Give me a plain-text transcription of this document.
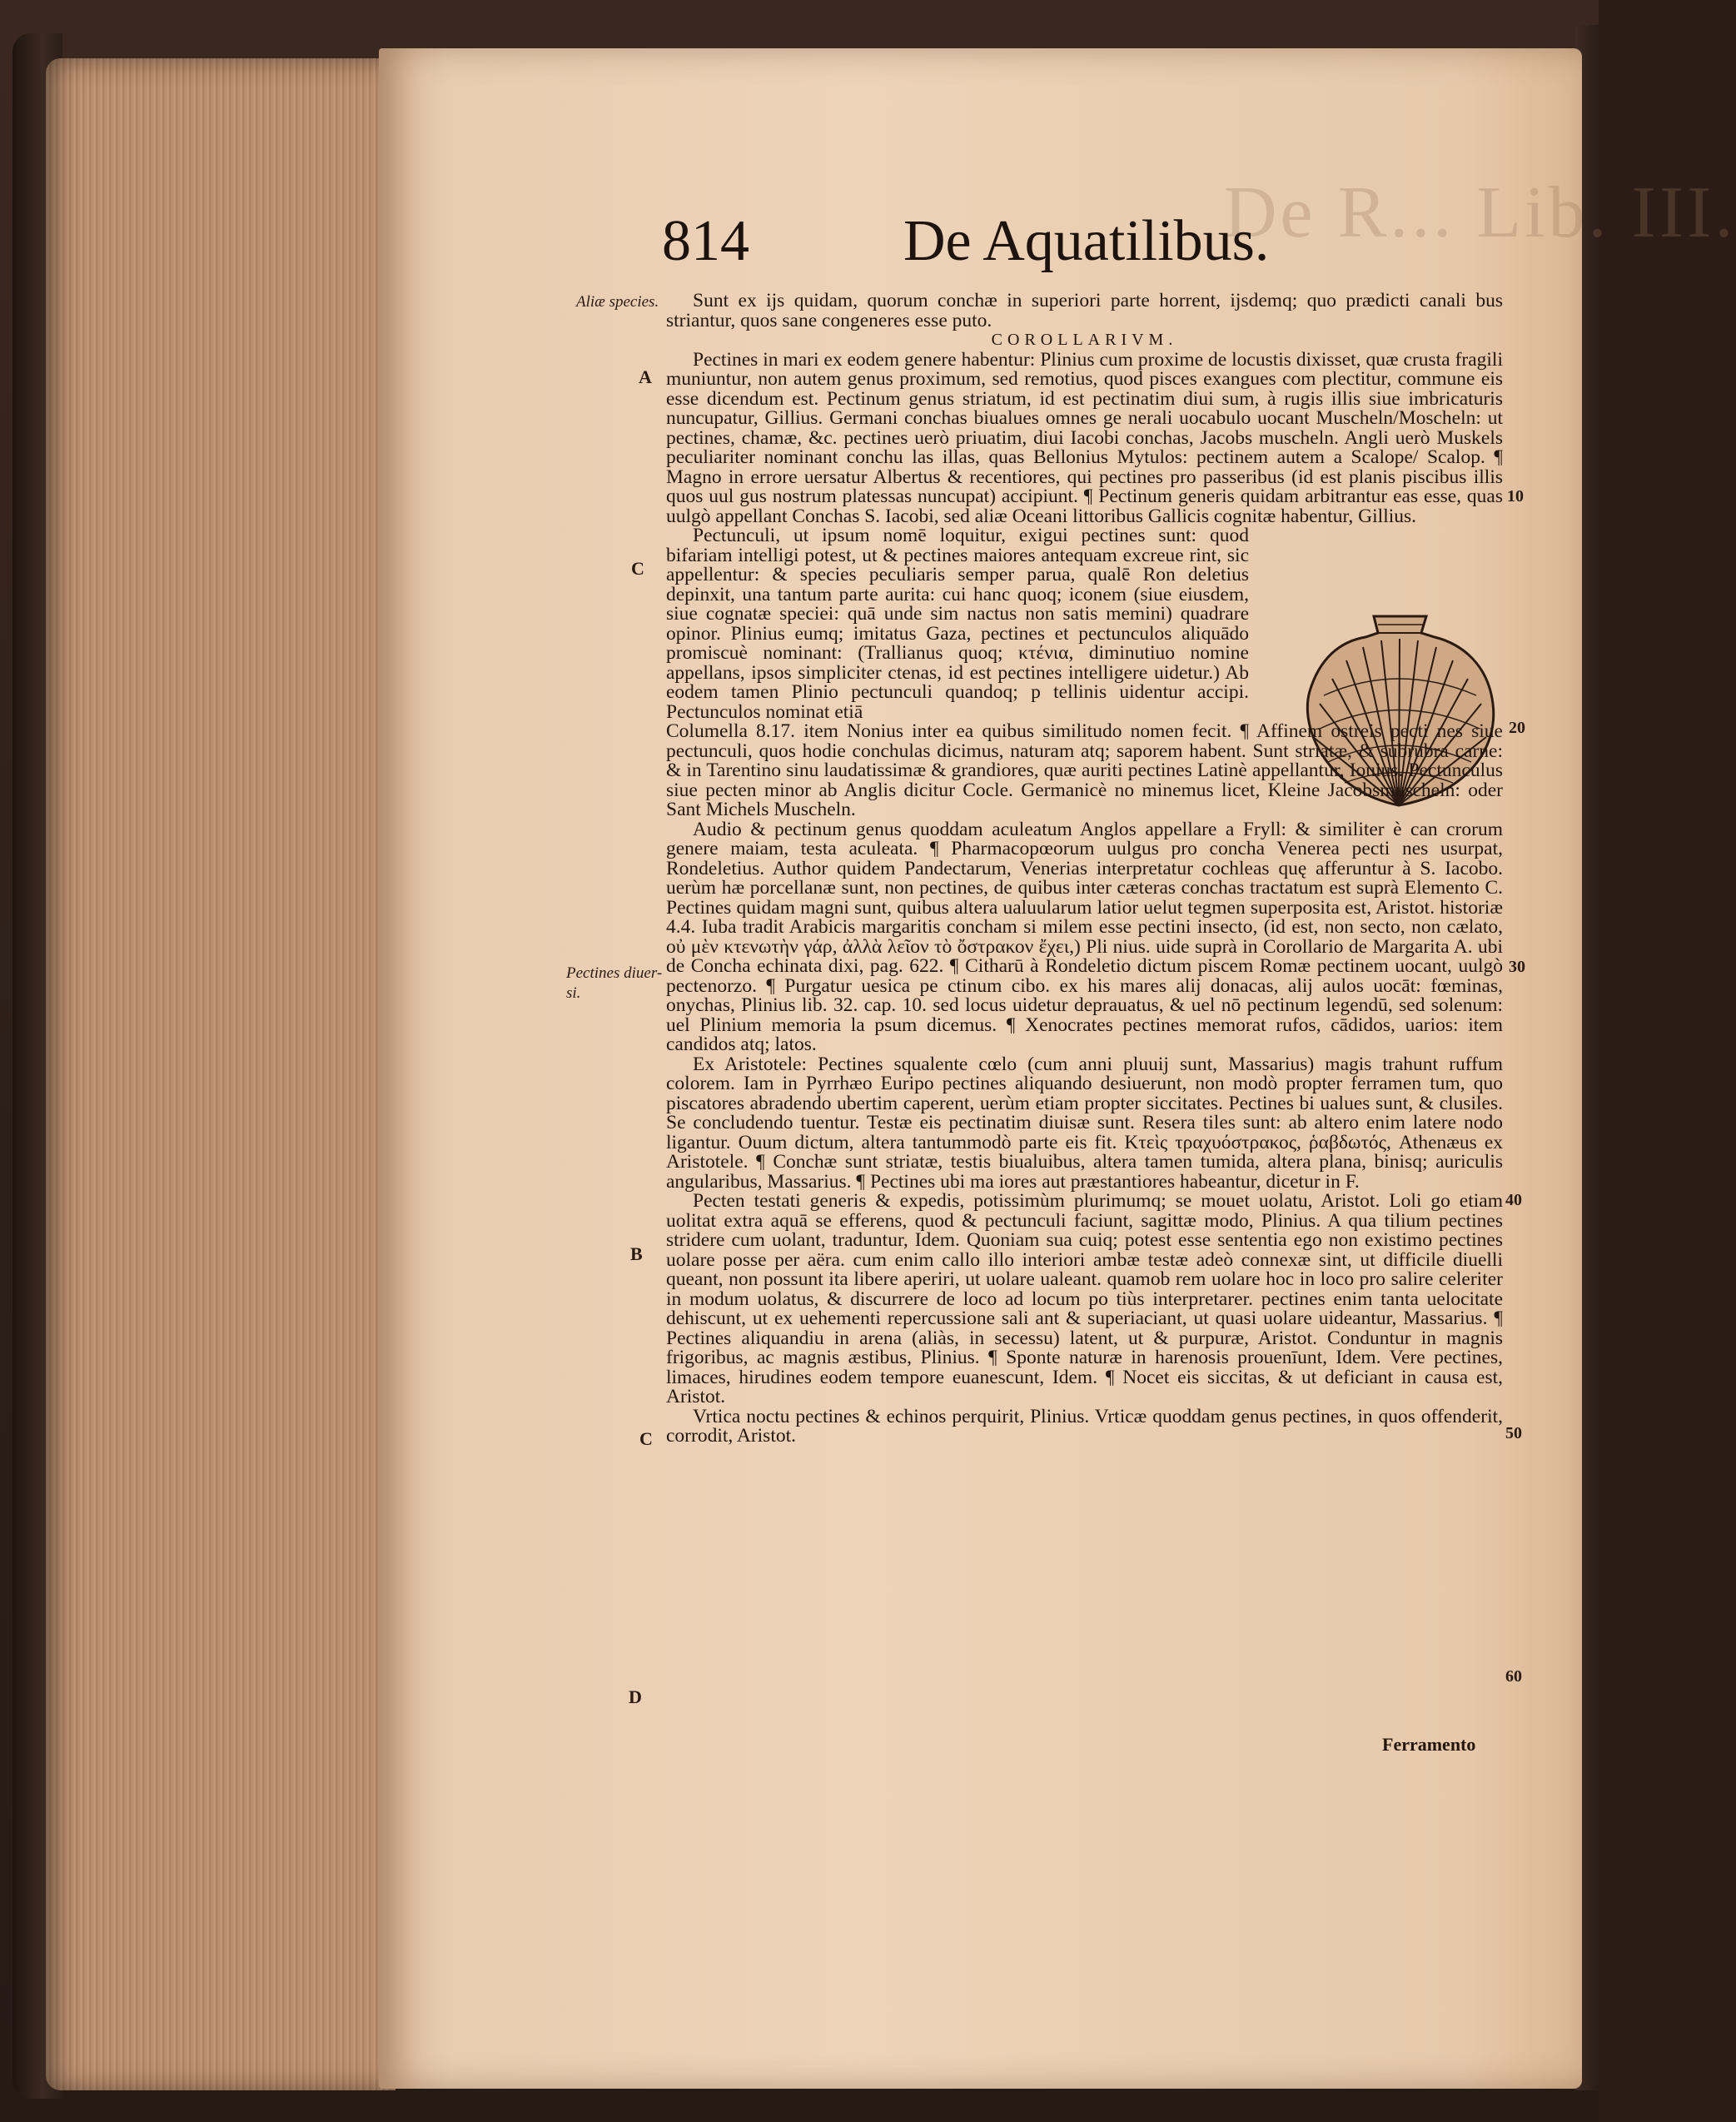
De R... Lib. III.
814	De Aquatilibus.
Aliæ species.
Pectines diuer-
si.
A
C
B
C
D
10
20
30
40
50
60

Sunt ex ijs quidam, quorum conchæ in superiori parte horrent, ijsdemq; quo prædicti canali bus striantur, quos sane congeneres esse puto.

COROLLARIVM.

Pectines in mari ex eodem genere habentur: Plinius cum proxime de locustis dixisset, quæ crusta fragili muniuntur, non autem genus proximum, sed remotius, quod pisces exangues com plectitur, commune eis esse dicendum est. Pectinum genus striatum, id est pectinatim diui sum, à rugis illis siue imbricaturis nuncupatur, Gillius. Germani conchas biualues omnes ge nerali uocabulo uocant Muscheln/Moscheln: ut pectines, chamæ, &c. pectines uerò priuatim, diui Iacobi conchas, Jacobs muscheln. Angli uerò Muskels peculiariter nominant conchu las illas, quas Bellonius Mytulos: pectinem autem a Scalope/ Scalop. ¶ Magno in errore uersatur Albertus & recentiores, qui pectines pro passeribus (id est planis piscibus illis quos uul gus nostrum platessas nuncupat) accipiunt. ¶ Pectinum generis quidam arbitrantur eas esse, quas uulgò appellant Conchas S. Iacobi, sed aliæ Oceani littoribus Gallicis cognitæ habentur, Gillius.

Pectunculi, ut ipsum nomē loquitur, exigui pectines sunt: quod bifariam intelligi potest, ut & pectines maiores antequam excreue rint, sic appellentur: & species peculiaris semper parua, qualē Ron deletius depinxit, una tantum parte aurita: cui hanc quoq; iconem (siue eiusdem, siue cognatæ speciei: quā unde sim nactus non satis memini) quadrare opinor. Plinius eumq; imitatus Gaza, pectines et pectunculos aliquādo promiscuè nominant: (Trallianus quoq; κτένια, diminutiuo nomine appellans, ipsos simpliciter ctenas, id est pectines intelligere uidetur.) Ab eodem tamen Plinio pectunculi quandoq; p tellinis uidentur accipi. Pectunculos nominat etiā

Columella 8.17. item Nonius inter ea quibus similitudo nomen fecit. ¶ Affinem ostreis pecti nes siue pectunculi, quos hodie conchulas dicimus, naturam atq; saporem habent. Sunt striatæ, & subrubra carne: & in Tarentino sinu laudatissimæ & grandiores, quæ auriti pectines Latinè appellantur, Iouius. Pectunculus siue pecten minor ab Anglis dicitur Cocle. Germanicè no minemus licet, Kleine Jacobsmuscheln: oder Sant Michels Muscheln.

Audio & pectinum genus quoddam aculeatum Anglos appellare a Fryll: & similiter è can crorum genere maiam, testa aculeata. ¶ Pharmacopœorum uulgus pro concha Venerea pecti nes usurpat, Rondeletius. Author quidem Pandectarum, Venerias interpretatur cochleas quę afferuntur à S. Iacobo. uerùm hæ porcellanæ sunt, non pectines, de quibus inter cæteras conchas tractatum est suprà Elemento C. Pectines quidam magni sunt, quibus altera ualuularum latior uelut tegmen superposita est, Aristot. historiæ 4.4. Iuba tradit Arabicis margaritis concham si milem esse pectini insecto, (id est, non secto, non cælato, οὐ μὲν κτενωτὴν γάρ, ἀλλὰ λεῖον τὸ ὄστρακον ἔχει,) Pli nius. uide suprà in Corollario de Margarita A. ubi de Concha echinata dixi, pag. 622. ¶ Citharū à Rondeletio dictum piscem Romæ pectinem uocant, uulgò pectenorzo. ¶ Purgatur uesica pe ctinum cibo. ex his mares alij donacas, alij aulos uocāt: fœminas, onychas, Plinius lib. 32. cap. 10. sed locus uidetur deprauatus, & uel nō pectinum legendū, sed solenum: uel Plinium memoria la psum dicemus. ¶ Xenocrates pectines memorat rufos, cādidos, uarios: item candidos atq; latos.

Ex Aristotele: Pectines squalente cœlo (cum anni pluuij sunt, Massarius) magis trahunt ruffum colorem. Iam in Pyrrhæo Euripo pectines aliquando desiuerunt, non modò propter ferramen tum, quo piscatores abradendo ubertim caperent, uerùm etiam propter siccitates. Pectines bi ualues sunt, & clusiles. Se concludendo tuentur. Testæ eis pectinatim diuisæ sunt. Resera tiles sunt: ab altero enim latere nodo ligantur. Ouum dictum, altera tantummodò parte eis fit. Κτεὶς τραχυόστρακος, ῥαβδωτός, Athenæus ex Aristotele. ¶ Conchæ sunt striatæ, testis biualuibus, altera tamen tumida, altera plana, binisq; auriculis angularibus, Massarius. ¶ Pectines ubi ma iores aut præstantiores habeantur, dicetur in F.

Pecten testati generis & expedis, potissimùm plurimumq; se mouet uolatu, Aristot. Loli go etiam uolitat extra aquā se efferens, quod & pectunculi faciunt, sagittæ modo, Plinius. A qua tilium pectines stridere cum uolant, traduntur, Idem. Quoniam sua cuiq; potest esse sententia ego non existimo pectines uolare posse per aëra. cum enim callo illo interiori ambæ testæ adeò connexæ sint, ut difficile diuelli queant, non possunt ita libere aperiri, ut uolare ualeant. quamob rem uolare hoc in loco pro salire celeriter in modum uolatus, & discurrere de loco ad locum po tiùs interpretarer. pectines enim tanta uelocitate dehiscunt, ut ex uehementi repercussione sali ant & superiaciant, ut quasi uolare uideantur, Massarius. ¶ Pectines aliquandiu in arena (aliàs, in secessu) latent, ut & purpuræ, Aristot. Conduntur in magnis frigoribus, ac magnis æstibus, Plinius. ¶ Sponte naturæ in harenosis prouenīunt, Idem. Vere pectines, limaces, hirudines eodem tempore euanescunt, Idem. ¶ Nocet eis siccitas, & ut deficiant in causa est, Aristot.

Vrtica noctu pectines & echinos perquirit, Plinius. Vrticæ quoddam genus pectines, in quos offenderit, corrodit, Aristot.

Ferramento
